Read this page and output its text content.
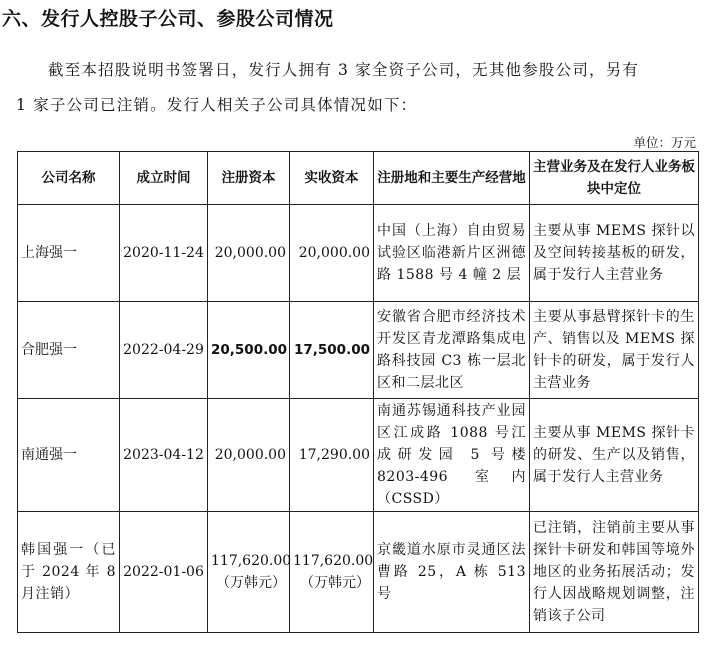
六、发行人控股子公司、参股公司情况
截至本招股说明书签署日，发行人拥有 3 家全资子公司，无其他参股公司，另有
1 家子公司已注销。发行人相关子公司具体情况如下：
单位：万元
公司名称	成立时间	注册资本	实收资本	注册地和主要生产经营地	主营业务及在发行人业务板块中定位
上海强一	2020-11-24	20,000.00	20,000.00	中国（上海）自由贸易试验区临港新片区洲德路 1588 号 4 幢 2 层	主要从事 MEMS 探针以及空间转接基板的研发，属于发行人主营业务
合肥强一	2022-04-29	20,500.00	17,500.00	安徽省合肥市经济技术开发区青龙潭路集成电路科技园 C3 栋一层北区和二层北区	主要从事悬臂探针卡的生产、销售以及 MEMS 探针卡的研发，属于发行人主营业务
南通强一	2023-04-12	20,000.00	17,290.00	南通苏锡通科技产业园区江成路 1088 号江成研发园 5 号楼 8203-496 室内（CSSD）	主要从事 MEMS 探针卡的研发、生产以及销售，属于发行人主营业务
韩国强一（已于 2024 年 8 月注销）	2022-01-06	117,620.00（万韩元）	117,620.00（万韩元）	京畿道水原市灵通区法曹路 25，A 栋 513 号	已注销，注销前主要从事探针卡研发和韩国等境外地区的业务拓展活动；发行人因战略规划调整，注销该子公司
